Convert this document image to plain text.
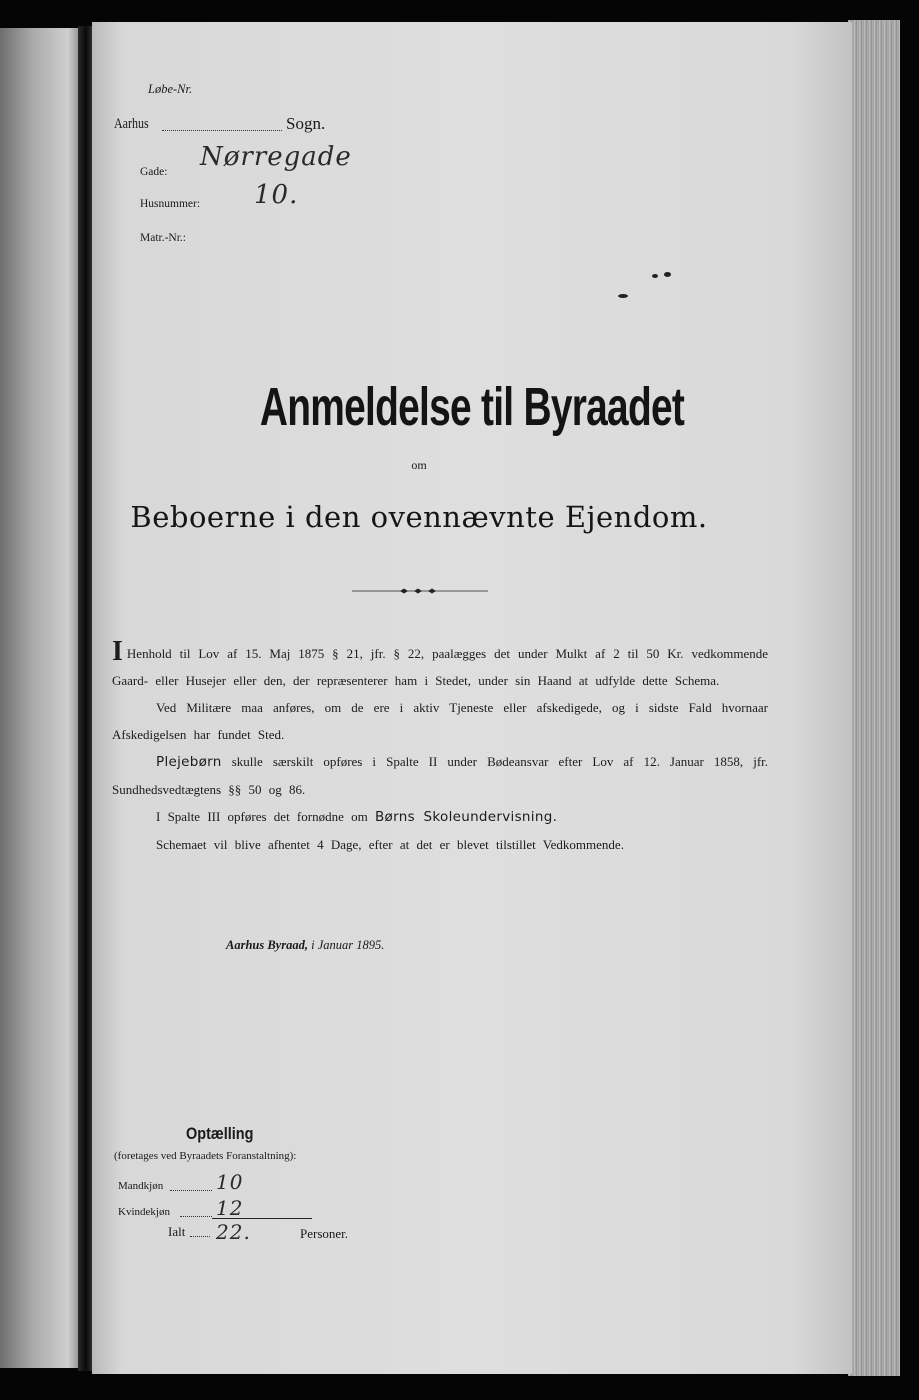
Løbe-Nr.
Aarhus	Sogn.
Gade: Nørregade
Husnummer: 10.
Matr.-Nr.:
Anmeldelse til Byraadet
om
Beboerne i den ovennævnte Ejendom.

I Henhold til Lov af 15. Maj 1875 § 21, jfr. § 22, paalægges det under Mulkt af 2 til 50 Kr. vedkommende Gaard- eller Husejer eller den, der repræsenterer ham i Stedet, under sin Haand at udfylde dette Schema.

Ved Militære maa anføres, om de ere i aktiv Tjeneste eller afskedigede, og i sidste Fald hvornaar Afskedigelsen har fundet Sted.

Plejebørn skulle særskilt opføres i Spalte II under Bødeansvar efter Lov af 12. Januar 1858, jfr. Sundhedsvedtægtens §§ 50 og 86.

I Spalte III opføres det fornødne om Børns Skoleundervisning.

Schemaet vil blive afhentet 4 Dage, efter at det er blevet tilstillet Vedkommende.

Aarhus Byraad, i Januar 1895.
Optælling
(foretages ved Byraadets Foranstaltning):
Mandkjøn	10
Kvindekjøn 12
Ialt 22.	Personer.
